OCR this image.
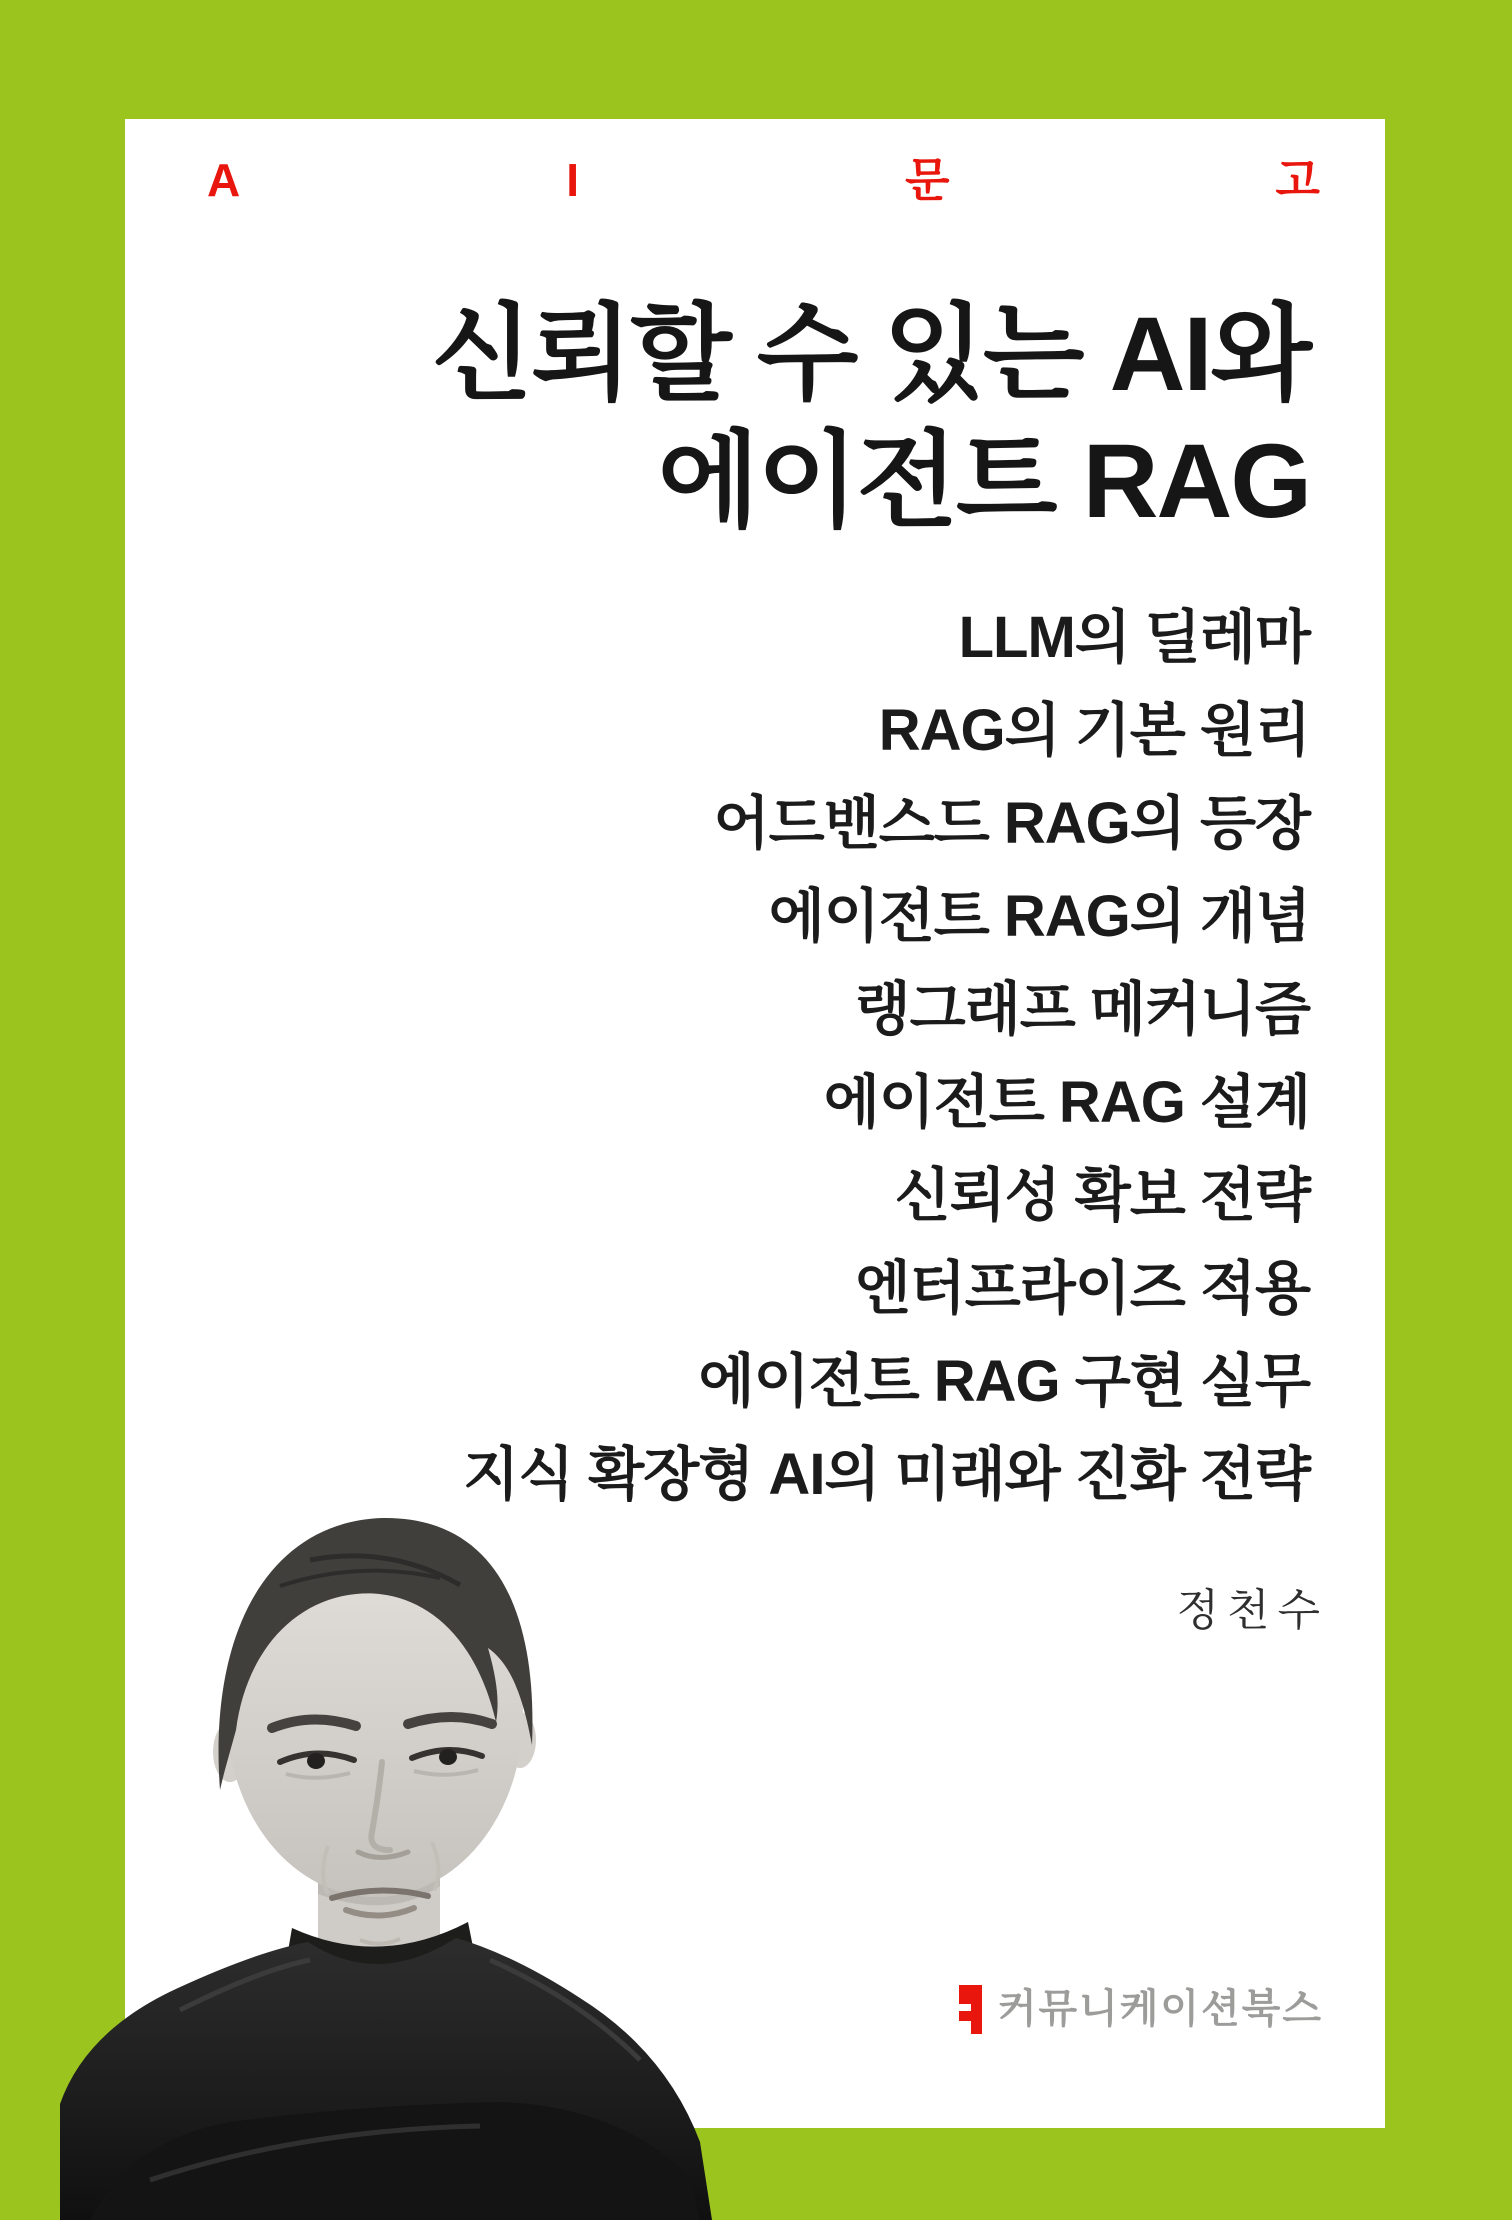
A	I	문	고
신뢰할 수 있는 AI와
에이전트 RAG
LLM의 딜레마
RAG의 기본 원리
어드밴스드 RAG의 등장
에이전트 RAG의 개념
랭그래프 메커니즘
에이전트 RAG 설계
신뢰성 확보 전략
엔터프라이즈 적용
에이전트 RAG 구현 실무
지식 확장형 AI의 미래와 진화 전략
정천수
커뮤니케이션북스
